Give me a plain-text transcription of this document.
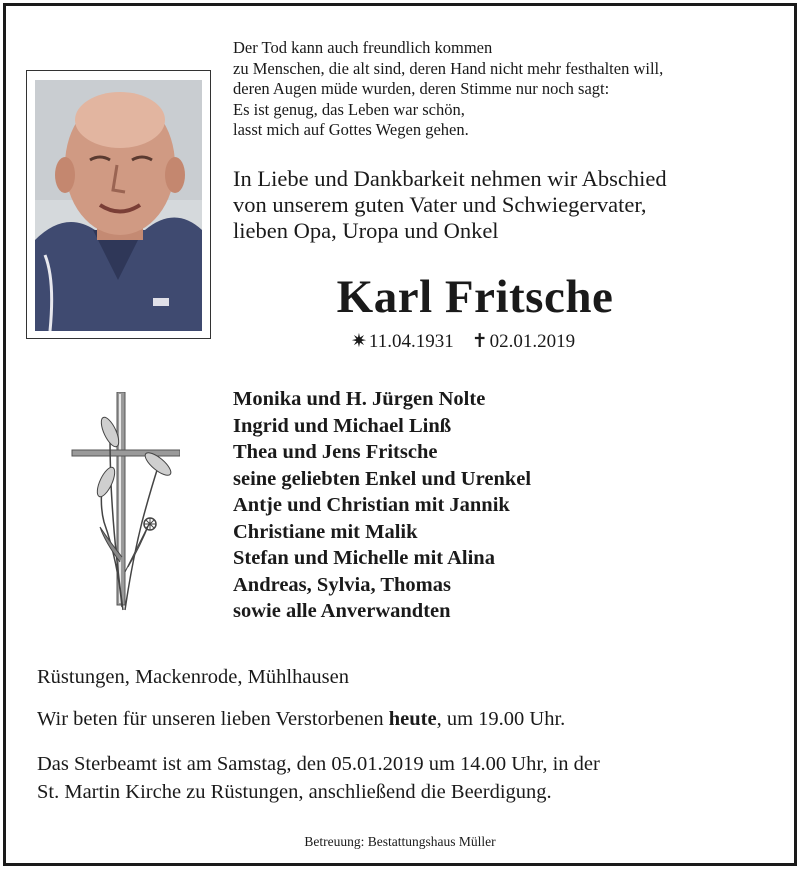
Der Tod kann auch freundlich kommen
zu Menschen, die alt sind, deren Hand nicht mehr festhalten will,
deren Augen müde wurden, deren Stimme nur noch sagt:
Es ist genug, das Leben war schön,
lasst mich auf Gottes Wegen gehen.
In Liebe und Dankbarkeit nehmen wir Abschied
von unserem guten Vater und Schwiegervater,
lieben Opa, Uropa und Onkel
Karl Fritsche
✷ 11.04.1931 ✝ 02.01.2019
Monika und H. Jürgen Nolte
Ingrid und Michael Linß
Thea und Jens Fritsche
seine geliebten Enkel und Urenkel
Antje und Christian mit Jannik
Christiane mit Malik
Stefan und Michelle mit Alina
Andreas, Sylvia, Thomas
sowie alle Anverwandten
Rüstungen, Mackenrode, Mühlhausen
Wir beten für unseren lieben Verstorbenen heute, um 19.00 Uhr.
Das Sterbeamt ist am Samstag, den 05.01.2019 um 14.00 Uhr, in der
St. Martin Kirche zu Rüstungen, anschließend die Beerdigung.
Betreuung: Bestattungshaus Müller
